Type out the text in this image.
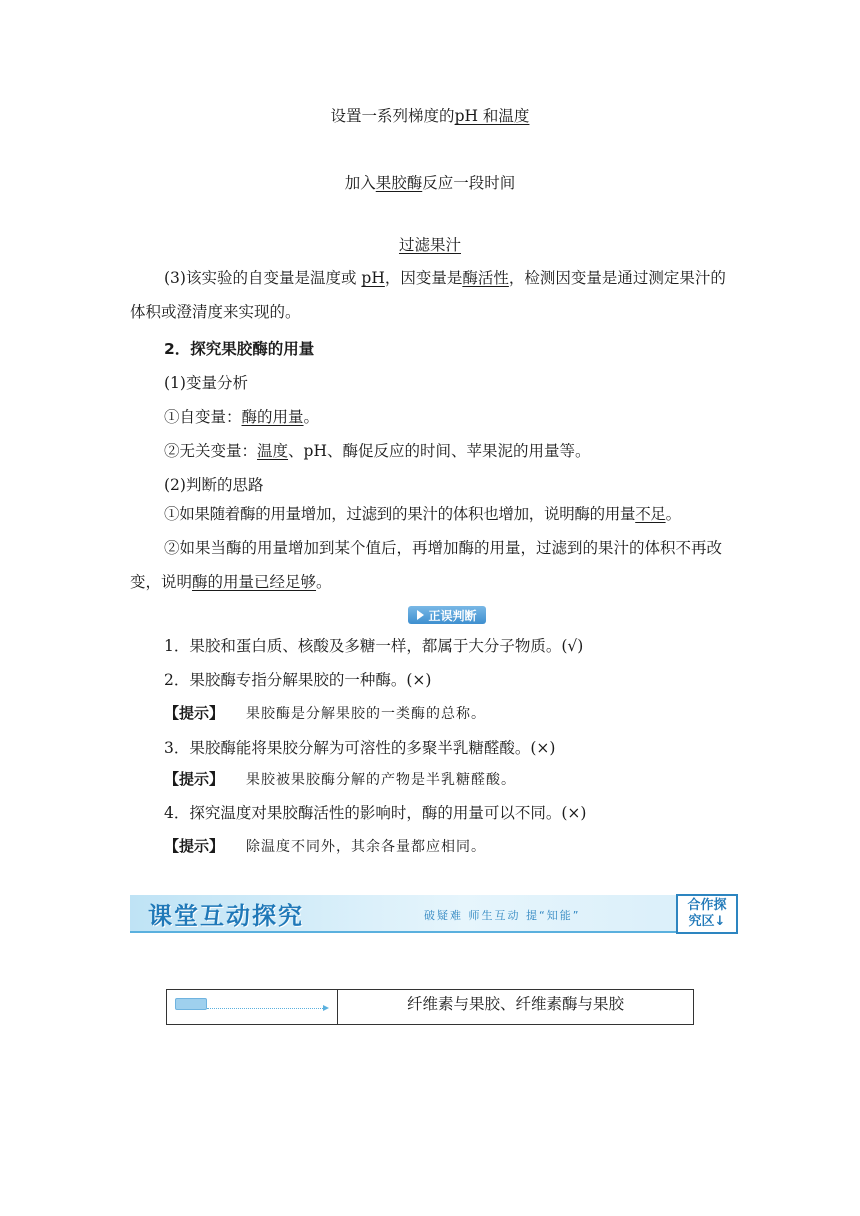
设置一系列梯度的pH 和温度
加入果胶酶反应一段时间
过滤果汁
(3)该实验的自变量是温度或 pH，因变量是酶活性，检测因变量是通过测定果汁的体积或澄清度来实现的。
2．探究果胶酶的用量
(1)变量分析
①自变量：酶的用量。
②无关变量：温度、pH、酶促反应的时间、苹果泥的用量等。
(2)判断的思路
①如果随着酶的用量增加，过滤到的果汁的体积也增加，说明酶的用量不足。
②如果当酶的用量增加到某个值后，再增加酶的用量，过滤到的果汁的体积不再改变，说明酶的用量已经足够。
正误判断
1．果胶和蛋白质、核酸及多糖一样，都属于大分子物质。(√)
2．果胶酶专指分解果胶的一种酶。(×)
【提示】 果胶酶是分解果胶的一类酶的总称。
3．果胶酶能将果胶分解为可溶性的多聚半乳糖醛酸。(×)
【提示】 果胶被果胶酶分解的产物是半乳糖醛酸。
4．探究温度对果胶酶活性的影响时，酶的用量可以不同。(×)
【提示】 除温度不同外，其余各量都应相同。
课堂互动探究	破疑难 师生互动 提“知能”
合作探
究区↓
纤维素与果胶、纤维素酶与果胶
